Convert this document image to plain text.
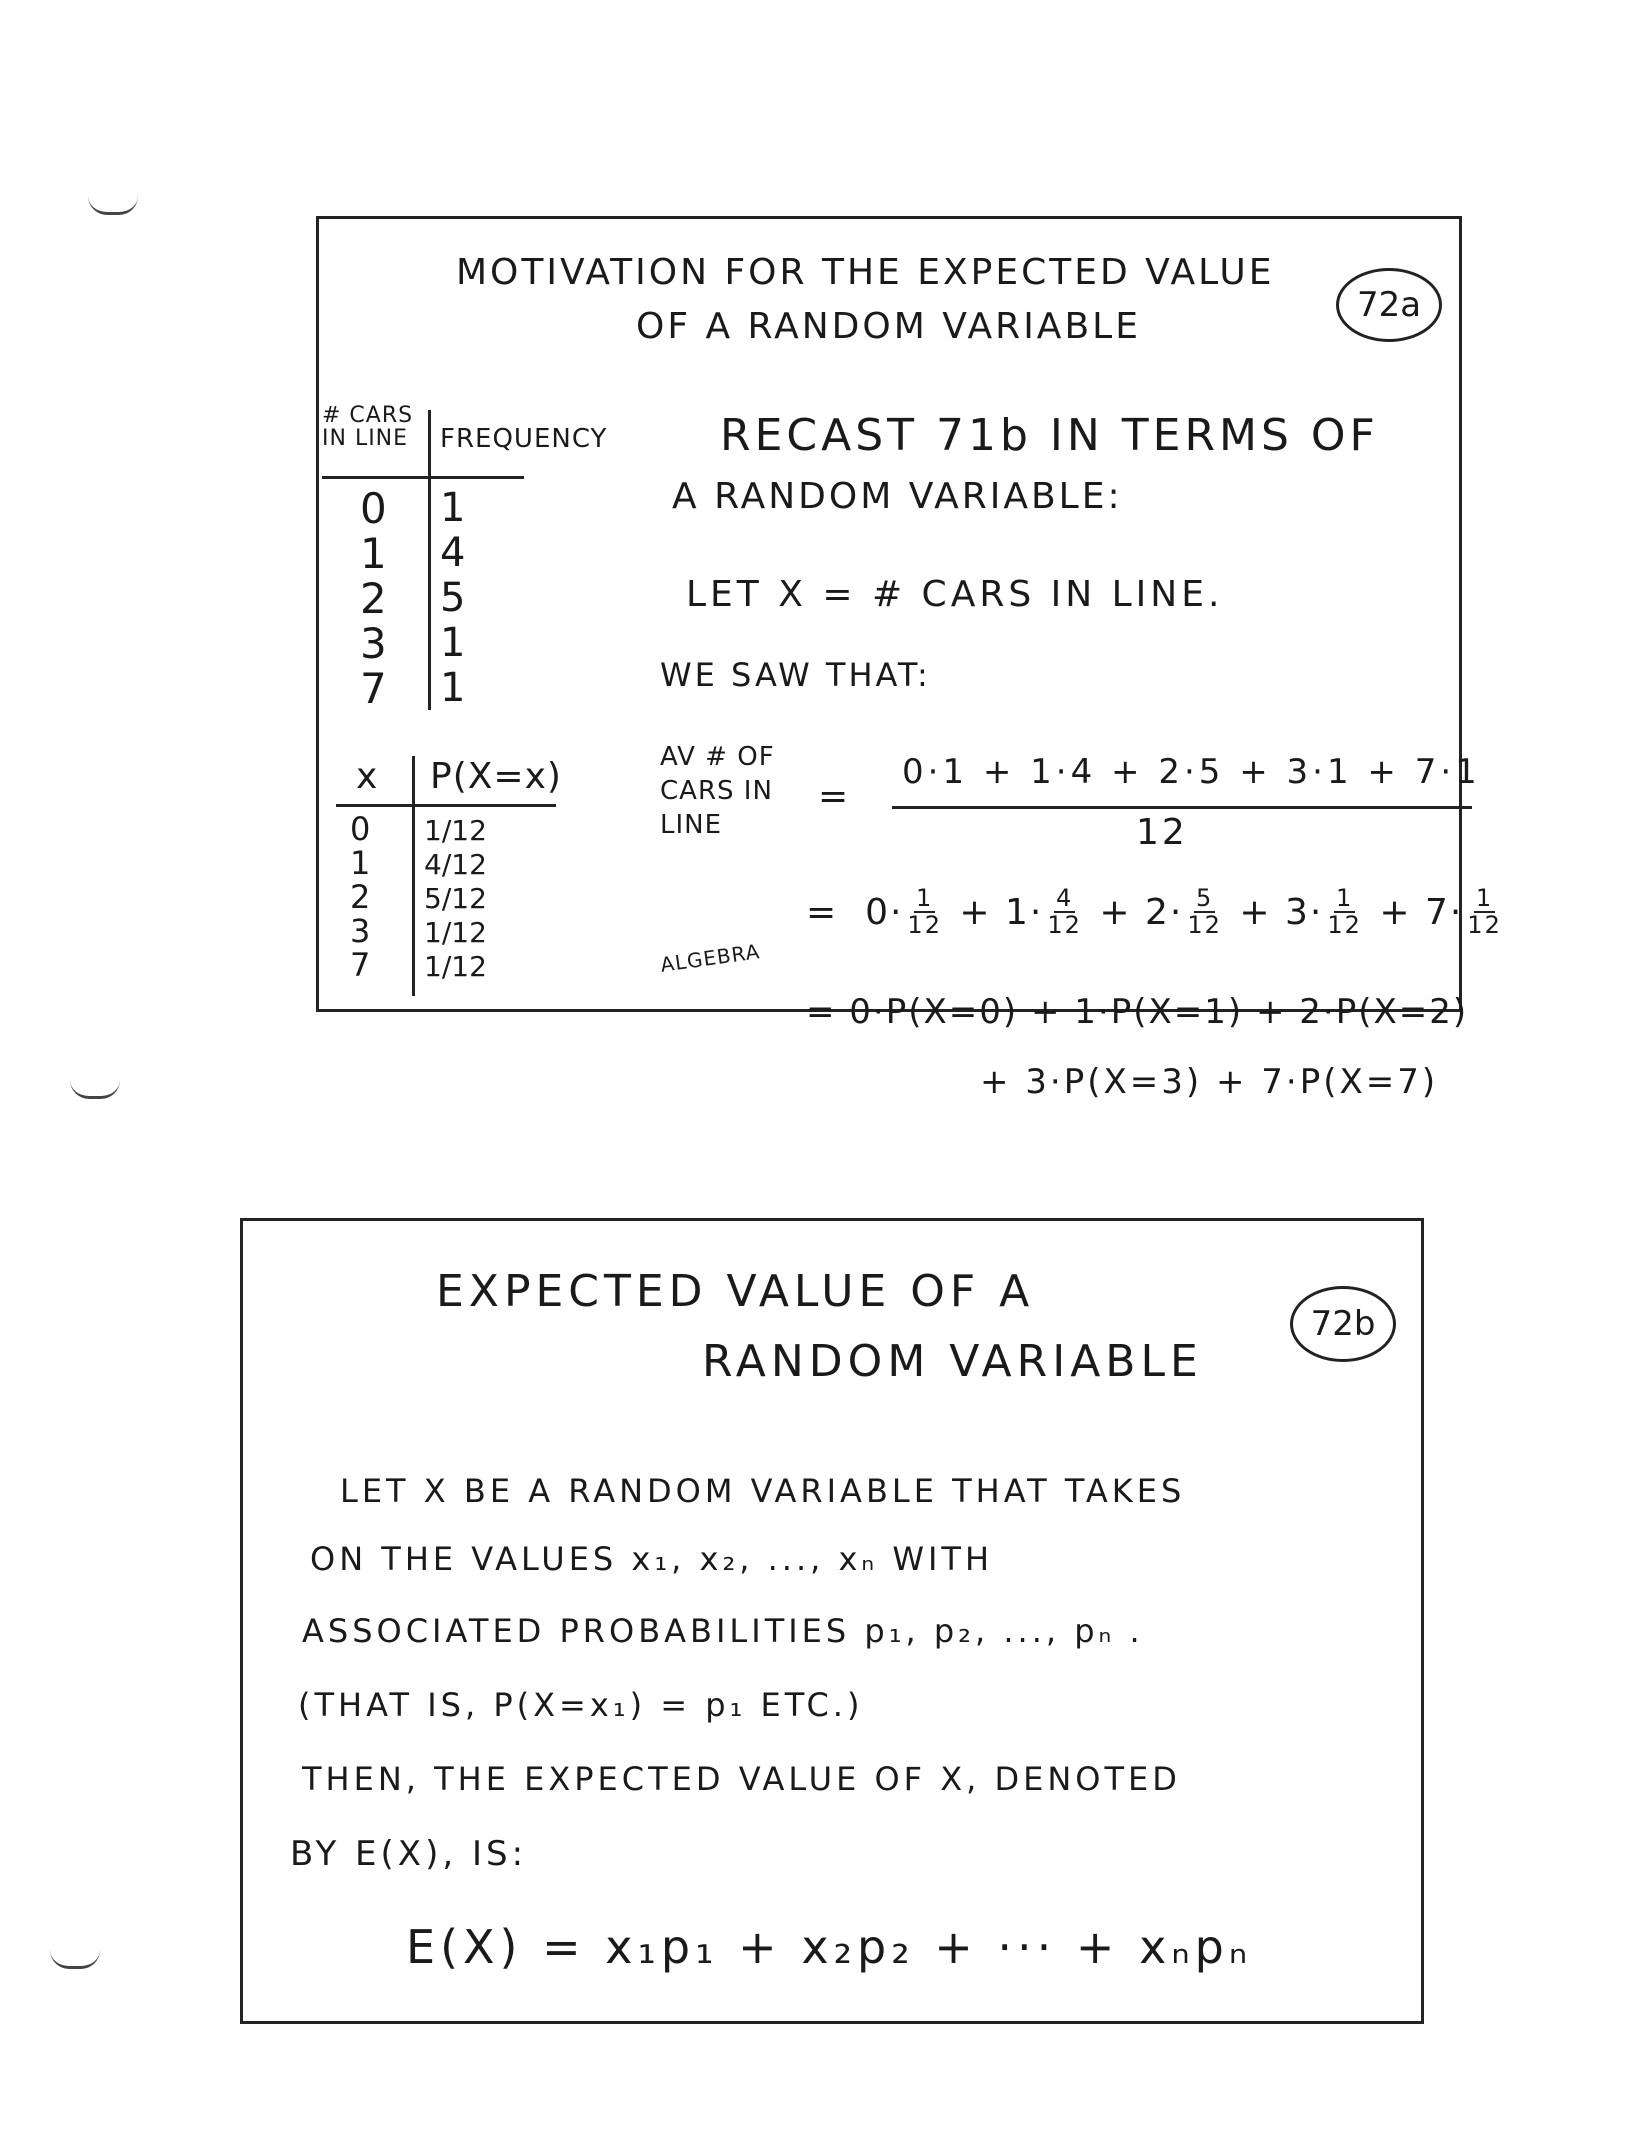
MOTIVATION FOR THE EXPECTED VALUE
OF A RANDOM VARIABLE
72a
# CARS IN LINE	FREQUENCY
0
1
2
3
7
1
4
5
1
1
x P(X=x)
0
1
2
3
7
1/12
4/12
5/12
1/12
1/12
RECAST 71b IN TERMS OF
A RANDOM VARIABLE:
LET X = # CARS IN LINE.
WE SAW THAT:
AV # OF CARS IN LINE
=
0·1 + 1·4 + 2·5 + 3·1 + 7·1
12
ALGEBRA
= $0\cdot \frac{1}{12} + 1\cdot \frac{4}{12} + 2\cdot \frac{5}{12} + 3\cdot \frac{1}{12} + 7\cdot \frac{1}{12}$
= 0·P(X=0) + 1·P(X=1) + 2·P(X=2)
+ 3·P(X=3) + 7·P(X=7)
EXPECTED VALUE OF A
RANDOM VARIABLE
72b
LET X BE A RANDOM VARIABLE THAT TAKES
ON THE VALUES x₁, x₂, ..., xₙ WITH
ASSOCIATED PROBABILITIES p₁, p₂, ..., pₙ .
(THAT IS, P(X=x₁) = p₁ ETC.)
THEN, THE EXPECTED VALUE OF X, DENOTED
BY E(X), IS:
E(X) = x₁p₁ + x₂p₂ + ··· + xₙpₙ
